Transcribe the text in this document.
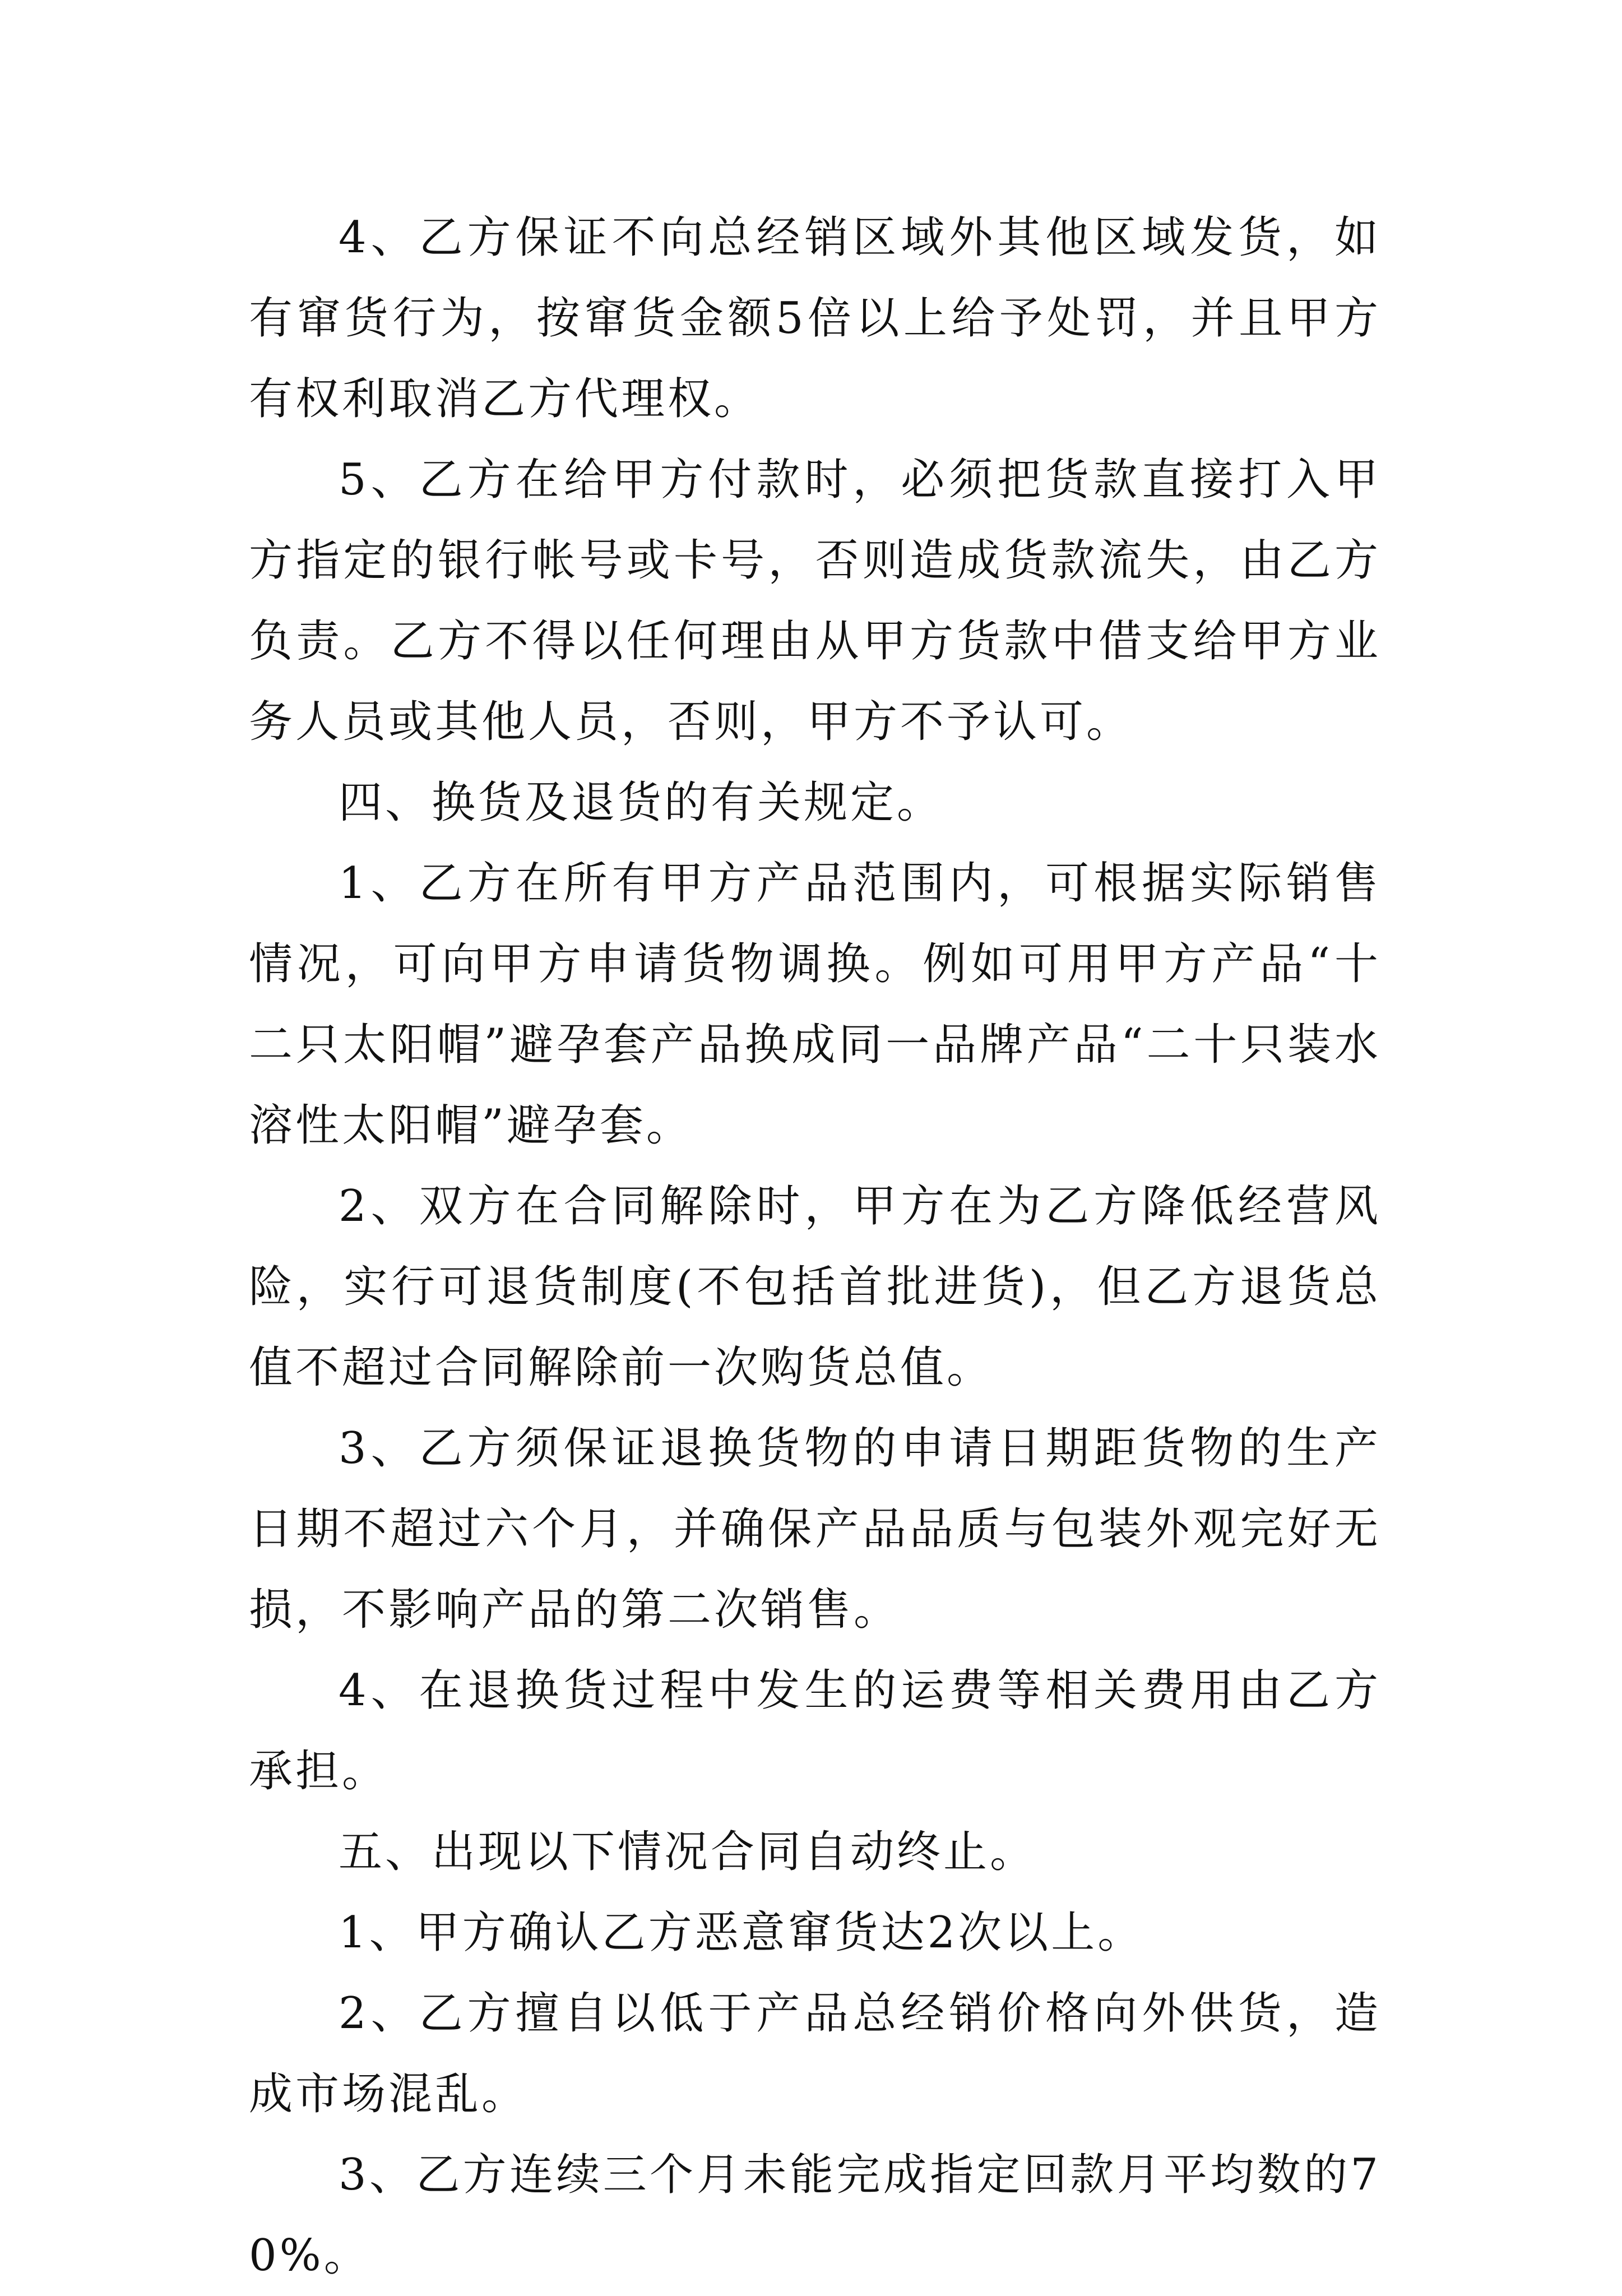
4、乙方保证不向总经销区域外其他区域发货，如有窜货行为，按窜货金额5倍以上给予处罚，并且甲方有权利取消乙方代理权。

5、乙方在给甲方付款时，必须把货款直接打入甲方指定的银行帐号或卡号，否则造成货款流失，由乙方负责。乙方不得以任何理由从甲方货款中借支给甲方业务人员或其他人员，否则，甲方不予认可。

四、换货及退货的有关规定。

1、乙方在所有甲方产品范围内，可根据实际销售情况，可向甲方申请货物调换。例如可用甲方产品“十二只太阳帽”避孕套产品换成同一品牌产品“二十只装水溶性太阳帽”避孕套。

2、双方在合同解除时，甲方在为乙方降低经营风险，实行可退货制度(不包括首批进货)，但乙方退货总值不超过合同解除前一次购货总值。

3、乙方须保证退换货物的申请日期距货物的生产日期不超过六个月，并确保产品品质与包装外观完好无损，不影响产品的第二次销售。

4、在退换货过程中发生的运费等相关费用由乙方承担。

五、出现以下情况合同自动终止。

1、甲方确认乙方恶意窜货达2次以上。

2、乙方擅自以低于产品总经销价格向外供货，造成市场混乱。

3、乙方连续三个月未能完成指定回款月平均数的70%。
